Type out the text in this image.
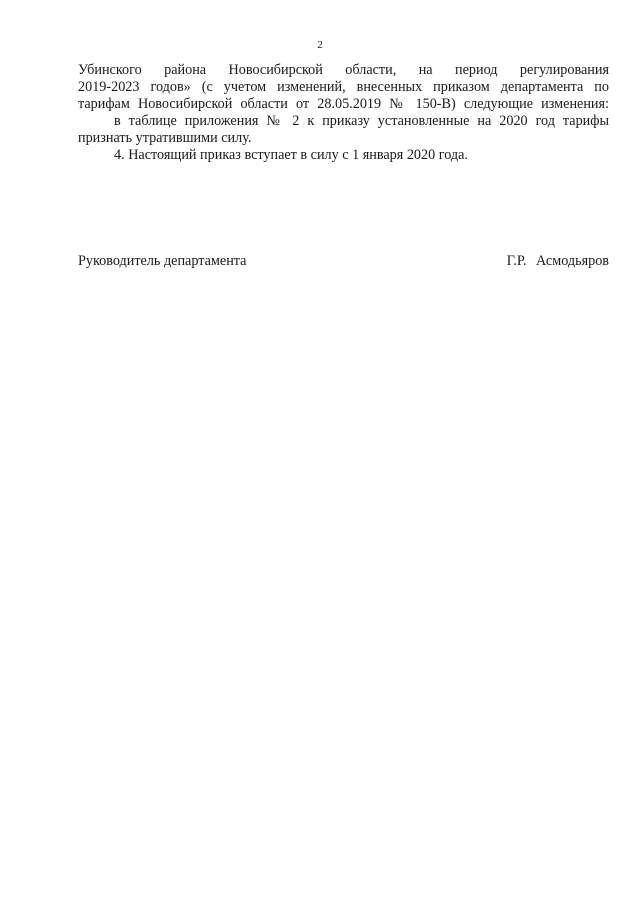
2
Убинского района Новосибирской области, на период регулирования
2019-2023 годов» (с учетом изменений, внесенных приказом департамента по
тарифам Новосибирской области от 28.05.2019 № 150-В) следующие изменения:
в таблице приложения № 2 к приказу установленные на 2020 год тарифы
признать утратившими силу.
4. Настоящий приказ вступает в силу с 1 января 2020 года.
Руководитель департамента	Г.Р. Асмодьяров
